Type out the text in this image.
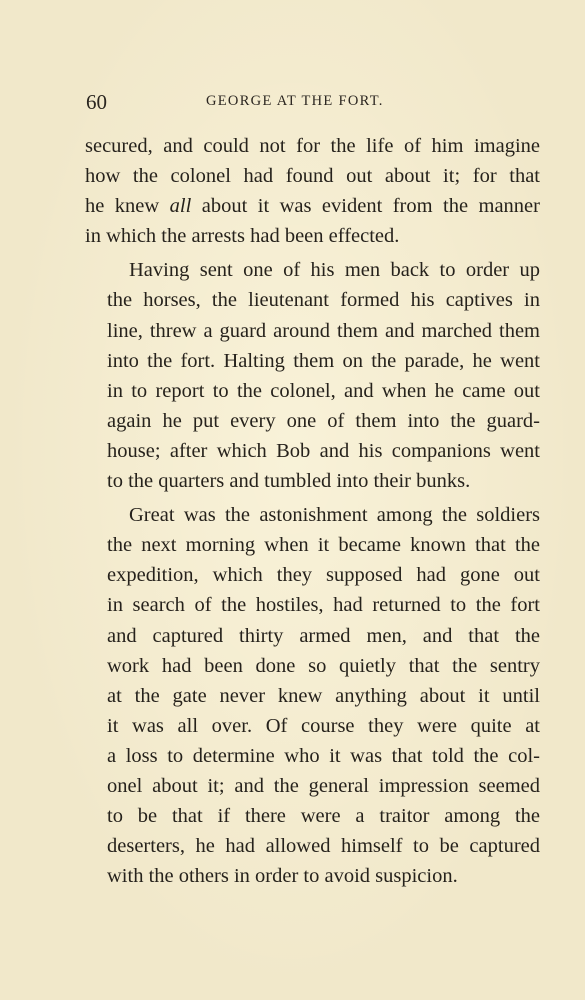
60	GEORGE AT THE FORT.

secured, and could not for the life of him imagine
how the colonel had found out about it; for that
he knew all about it was evident from the manner
in which the arrests had been effected.

Having sent one of his men back to order up
the horses, the lieutenant formed his captives in
line, threw a guard around them and marched them
into the fort. Halting them on the parade, he went
in to report to the colonel, and when he came out
again he put every one of them into the guard-
house; after which Bob and his companions went
to the quarters and tumbled into their bunks.

Great was the astonishment among the soldiers
the next morning when it became known that the
expedition, which they supposed had gone out
in search of the hostiles, had returned to the fort
and captured thirty armed men, and that the
work had been done so quietly that the sentry
at the gate never knew anything about it until
it was all over. Of course they were quite at
a loss to determine who it was that told the col-
onel about it; and the general impression seemed
to be that if there were a traitor among the
deserters, he had allowed himself to be captured
with the others in order to avoid suspicion.
